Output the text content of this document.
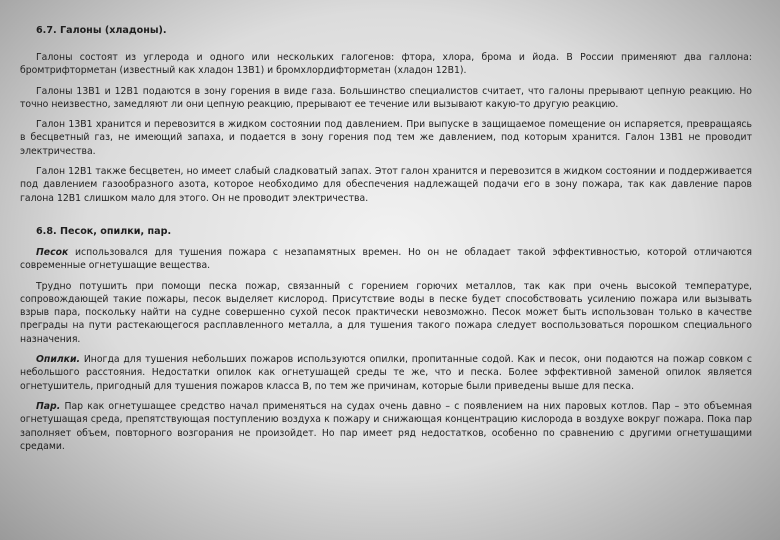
6.7. Галоны (хладоны).

Галоны состоят из углерода и одного или нескольких галогенов: фтора, хлора, брома и йода. В России применяют два галлона: бромтрифторметан (известный как хладон 13В1) и бромхлордифторметан (хладон 12В1).

Галоны 13В1 и 12В1 подаются в зону горения в виде газа. Большинство специалистов считает, что галоны прерывают цепную реакцию. Но точно неизвестно, замедляют ли они цепную реакцию, прерывают ее течение или вызывают какую-то другую реакцию.

Галон 13В1 хранится и перевозится в жидком состоянии под давлением. При выпуске в защищаемое помещение он испаряется, превращаясь в бесцветный газ, не имеющий запаха, и подается в зону горения под тем же давлением, под которым хранится. Галон 13В1 не проводит электричества.

Галон 12В1 также бесцветен, но имеет слабый сладковатый запах. Этот галон хранится и перевозится в жидком состоянии и поддерживается под давлением газообразного азота, которое необходимо для обеспечения надлежащей подачи его в зону пожара, так как давление паров галона 12В1 слишком мало для этого. Он не проводит электричества.

6.8. Песок, опилки, пар.

Песок использовался для тушения пожара с незапамятных времен. Но он не обладает такой эффективностью, которой отличаются современные огнетушащие вещества.

Трудно потушить при помощи песка пожар, связанный с горением горючих металлов, так как при очень высокой температуре, сопровождающей такие пожары, песок выделяет кислород. Присутствие воды в песке будет способствовать усилению пожара или вызывать взрыв пара, поскольку найти на судне совершенно сухой песок практически невозможно. Песок может быть использован только в качестве преграды на пути растекающегося расплавленного металла, а для тушения такого пожара следует воспользоваться порошком специального назначения.

Опилки. Иногда для тушения небольших пожаров используются опилки, пропитанные содой. Как и песок, они подаются на пожар совком с небольшого расстояния. Недостатки опилок как огнетушащей среды те же, что и песка. Более эффективной заменой опилок является огнетушитель, пригодный для тушения пожаров класса В, по тем же причинам, которые были приведены выше для песка.

Пар. Пар как огнетушащее средство начал применяться на судах очень давно – с появлением на них паровых котлов. Пар – это объемная огнетушащая среда, препятствующая поступлению воздуха к пожару и снижающая концентрацию кислорода в воздухе вокруг пожара. Пока пар заполняет объем, повторного возгорания не произойдет. Но пар имеет ряд недостатков, особенно по сравнению с другими огнетушащими средами.
